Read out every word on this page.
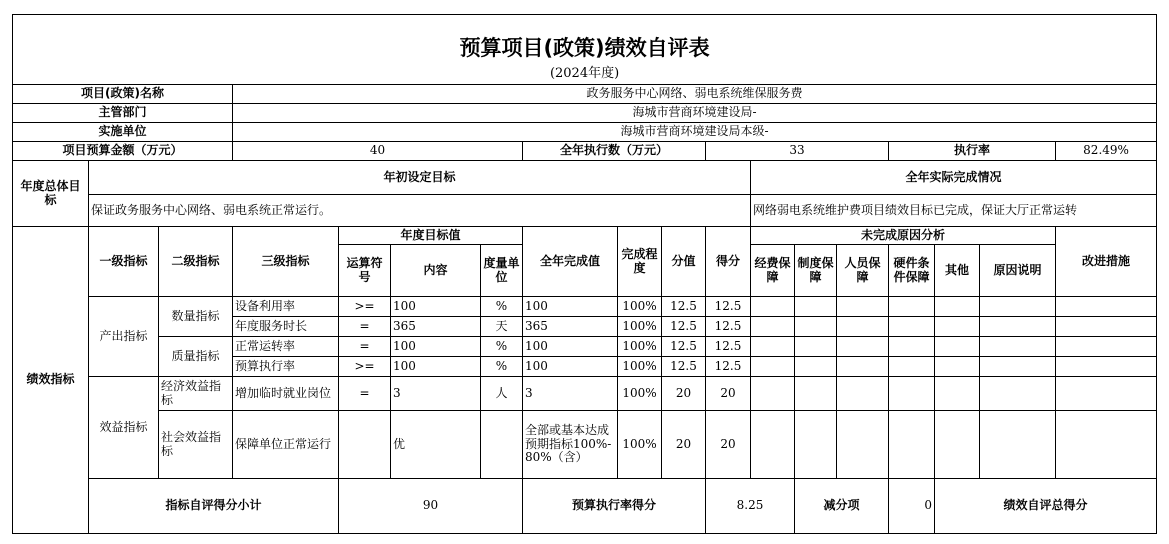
预算项目(政策)绩效自评表																		
(2024年度)																		
项目(政策)名称			政务服务中心网络、弱电系统维保服务费															
主管部门			海城市营商环境建设局-															
实施单位			海城市营商环境建设局本级-															
项目预算金额（万元）			40				全年执行数（万元）			33				执行率			82.49%	
年度总体目标	年初设定目标										全年实际完成情况							
	保证政务服务中心网络、弱电系统正常运行。										网络弱电系统维护费项目绩效目标已完成，保证大厅正常运转							
绩效指标	一级指标	二级指标	三级指标	年度目标值			全年完成值	完成程度	分值	得分	未完成原因分析						改进措施	
				运算符号	内容	度量单位					经费保障	制度保障	人员保障	硬件条件保障	其他	原因说明		
	产出指标	数量指标	设备利用率	>=	100	%	100	100%	12.5	12.5								
			年度服务时长	=	365	天	365	100%	12.5	12.5								
		质量指标	正常运转率	=	100	%	100	100%	12.5	12.5								
			预算执行率	>=	100	%	100	100%	12.5	12.5								
	效益指标	经济效益指标	增加临时就业岗位	=	3	人	3	100%	20	20								
		社会效益指标	保障单位正常运行		优		全部或基本达成预期指标100%-80%（含）	100%	20	20								
	指标自评得分小计			90			预算执行率得分			8.25		减分项		0	绩效自评总得分	
